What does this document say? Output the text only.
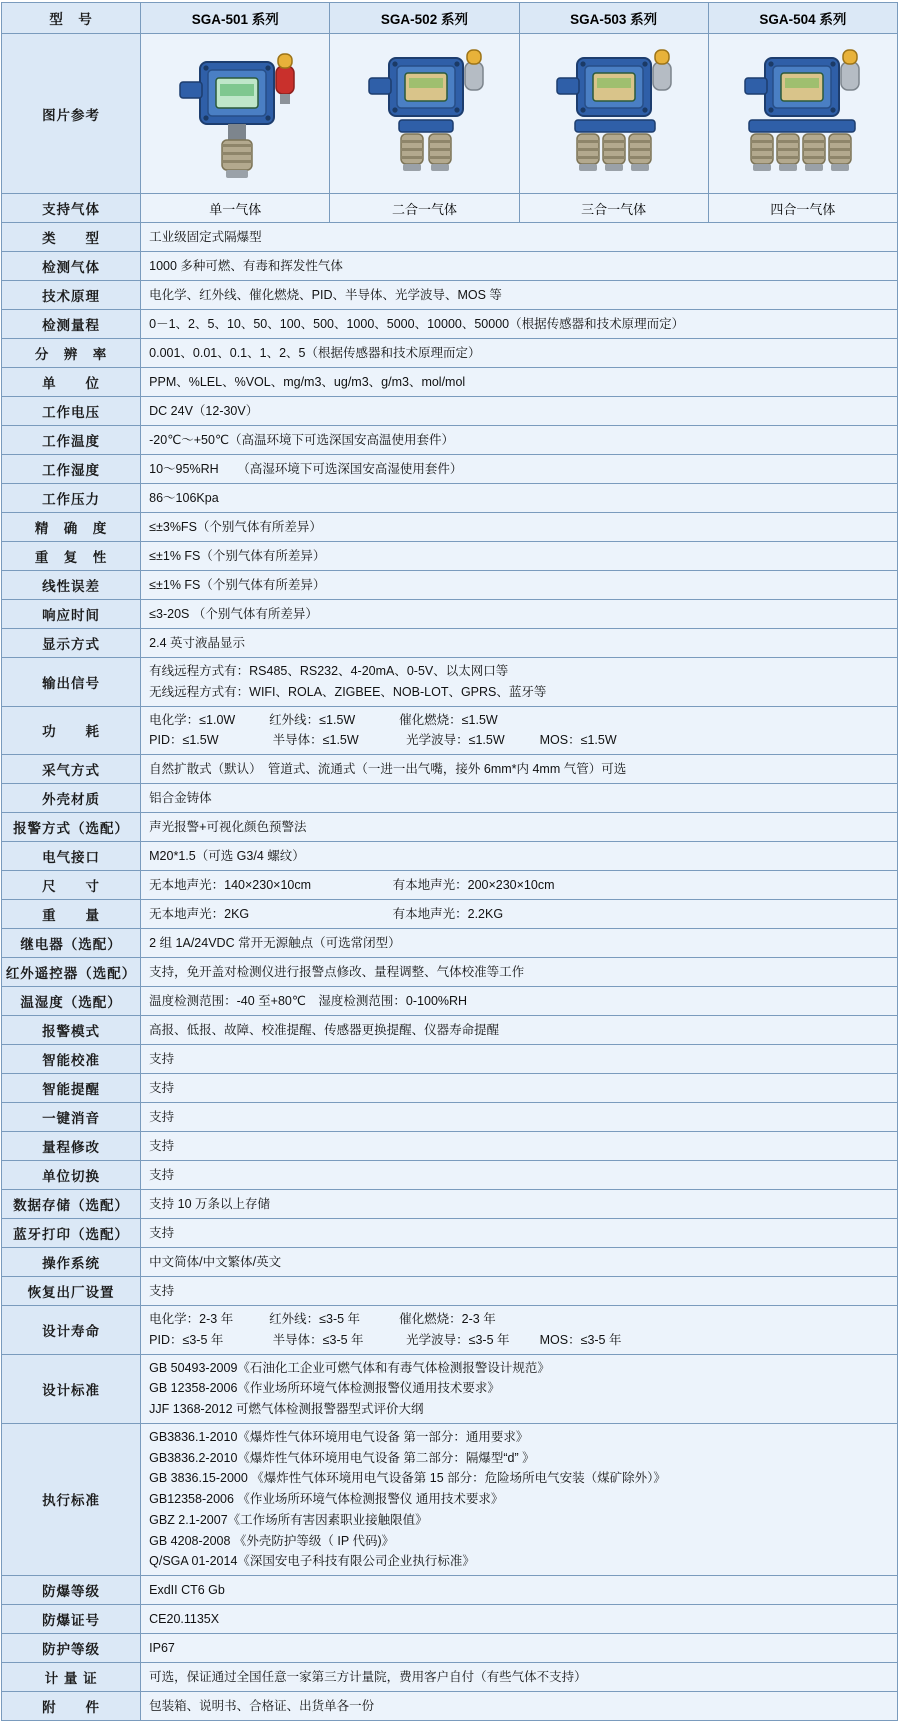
型　号	SGA-501 系列	SGA-502 系列	SGA-503 系列	SGA-504 系列
图片参考	

支持气体	单一气体	二合一气体	三合一气体	四合一气体
类　　型	工业级固定式隔爆型			
检测气体	1000 多种可燃、有毒和挥发性气体			
技术原理	电化学、红外线、催化燃烧、PID、半导体、光学波导、MOS 等			
检测量程	0－1、2、5、10、50、100、500、1000、5000、10000、50000（根据传感器和技术原理而定）			
分　辨　率	0.001、0.01、0.1、1、2、5（根据传感器和技术原理而定）			
单　　位	PPM、%LEL、%VOL、mg/m3、ug/m3、g/m3、mol/mol			
工作电压	DC 24V（12-30V）			
工作温度	-20℃～+50℃（高温环境下可选深国安高温使用套件）			
工作湿度	10～95%RH　　（高湿环境下可选深国安高湿使用套件）			
工作压力	86～106Kpa			
精　确　度	≤±3%FS（个别气体有所差异）			
重　复　性	≤±1% FS（个别气体有所差异）			
线性误差	≤±1% FS（个别气体有所差异）			
响应时间	≤3-20S （个别气体有所差异）			
显示方式	2.4 英寸液晶显示			
输出信号	有线远程方式有：RS485、RS232、4-20mA、0-5V、以太网口等
无线远程方式有：WIFI、ROLA、ZIGBEE、NOB-LOT、GPRS、蓝牙等			

功　　耗	电化学：≤1.0W 红外线：≤1.5W 催化燃烧：≤1.5W
PID：≤1.5W 半导体：≤1.5W 光学波导：≤1.5W MOS：≤1.5W			

采气方式	自然扩散式（默认）　管道式、流通式（一进一出气嘴，接外 6mm*内 4mm 气管）可选			
外壳材质	铝合金铸体			
报警方式（选配）	声光报警+可视化颜色预警法			
电气接口	M20*1.5（可选 G3/4 螺纹）			
尺　　寸	无本地声光：140×230×10cm 有本地声光：200×230×10cm			
重　　量	无本地声光：2KG 有本地声光：2.2KG			
继电器（选配）	2 组 1A/24VDC 常开无源触点（可选常闭型）			
红外遥控器（选配）	支持，免开盖对检测仪进行报警点修改、量程调整、气体校准等工作			
温湿度（选配）	温度检测范围：-40 至+80℃　湿度检测范围：0-100%RH			
报警模式	高报、低报、故障、校准提醒、传感器更换提醒、仪器寿命提醒			
智能校准	支持			
智能提醒	支持			
一键消音	支持			
量程修改	支持			
单位切换	支持			
数据存储（选配）	支持 10 万条以上存储			
蓝牙打印（选配）	支持			
操作系统	中文简体/中文繁体/英文			
恢复出厂设置	支持			
设计寿命	电化学：2-3 年 红外线：≤3-5 年 催化燃烧：2-3 年
PID：≤3-5 年 半导体：≤3-5 年 光学波导：≤3-5 年 MOS：≤3-5 年			

设计标准	GB 50493-2009《石油化工企业可燃气体和有毒气体检测报警设计规范》
GB 12358-2006《作业场所环境气体检测报警仪通用技术要求》
JJF 1368-2012 可燃气体检测报警器型式评价大纲			

执行标准	
GB3836.1-2010《爆炸性气体环境用电气设备 第一部分：通用要求》
GB3836.2-2010《爆炸性气体环境用电气设备 第二部分：隔爆型“d” 》
GB 3836.15-2000 《爆炸性气体环境用电气设备第 15 部分：危险场所电气安装（煤矿除外）》
GB12358-2006 《作业场所环境气体检测报警仪 通用技术要求》
GBZ 2.1-2007《工作场所有害因素职业接触限值》
GB 4208-2008 《外壳防护等级（ IP 代码)》
Q/SGA 01-2014《深国安电子科技有限公司企业执行标准》

防爆等级	ExdII CT6 Gb			
防爆证号	CE20.1135X			
防护等级	IP67			
计 量 证	可选，保证通过全国任意一家第三方计量院，费用客户自付（有些气体不支持）			
附　　件	包装箱、说明书、合格证、出货单各一份			
